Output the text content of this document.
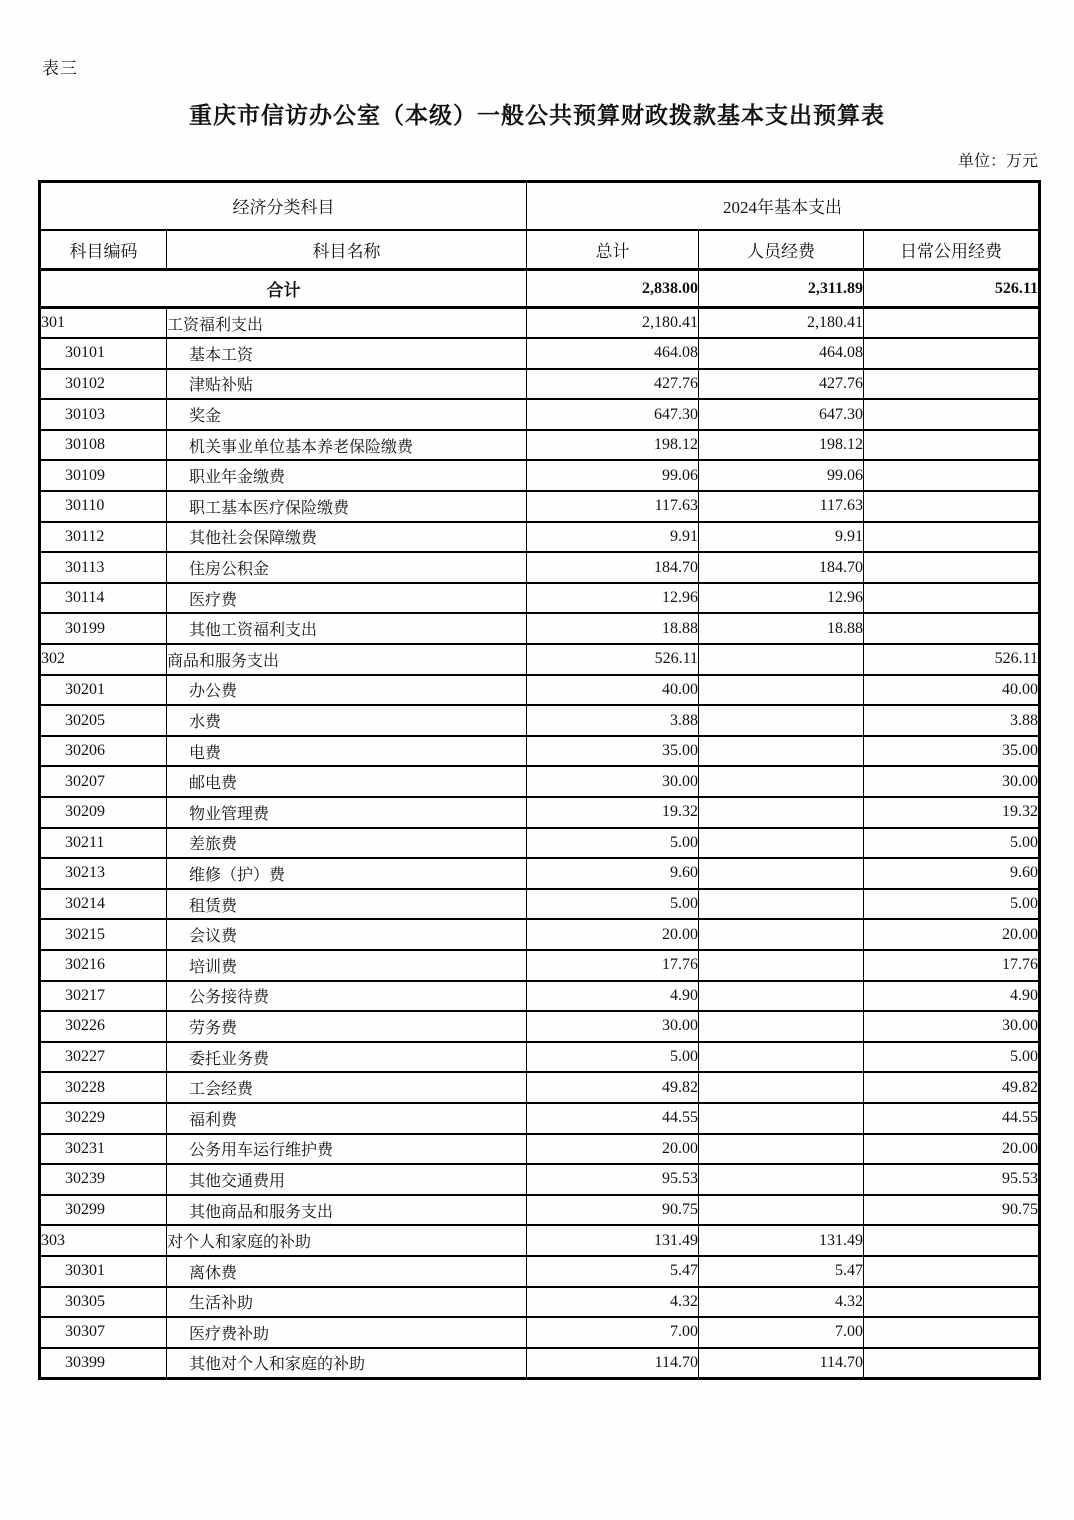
表三
重庆市信访办公室（本级）一般公共预算财政拨款基本支出预算表
单位：万元
经济分类科目		2024年基本支出		
科目编码	科目名称	总计	人员经费	日常公用经费
合计		2,838.00	2,311.89	526.11
301	工资福利支出	2,180.41	2,180.41	
30101	基本工资	464.08	464.08	
30102	津贴补贴	427.76	427.76	
30103	奖金	647.30	647.30	
30108	机关事业单位基本养老保险缴费	198.12	198.12	
30109	职业年金缴费	99.06	99.06	
30110	职工基本医疗保险缴费	117.63	117.63	
30112	其他社会保障缴费	9.91	9.91	
30113	住房公积金	184.70	184.70	
30114	医疗费	12.96	12.96	
30199	其他工资福利支出	18.88	18.88	
302	商品和服务支出	526.11		526.11
30201	办公费	40.00		40.00
30205	水费	3.88		3.88
30206	电费	35.00		35.00
30207	邮电费	30.00		30.00
30209	物业管理费	19.32		19.32
30211	差旅费	5.00		5.00
30213	维修（护）费	9.60		9.60
30214	租赁费	5.00		5.00
30215	会议费	20.00		20.00
30216	培训费	17.76		17.76
30217	公务接待费	4.90		4.90
30226	劳务费	30.00		30.00
30227	委托业务费	5.00		5.00
30228	工会经费	49.82		49.82
30229	福利费	44.55		44.55
30231	公务用车运行维护费	20.00		20.00
30239	其他交通费用	95.53		95.53
30299	其他商品和服务支出	90.75		90.75
303	对个人和家庭的补助	131.49	131.49	
30301	离休费	5.47	5.47	
30305	生活补助	4.32	4.32	
30307	医疗费补助	7.00	7.00	
30399	其他对个人和家庭的补助	114.70	114.70	
